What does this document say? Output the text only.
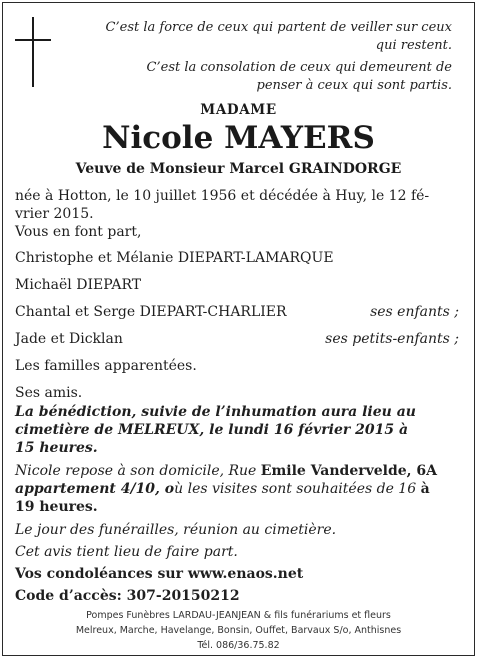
C’est la force de ceux qui partent de veiller sur ceux
qui restent.
C’est la consolation de ceux qui demeurent de
penser à ceux qui sont partis.
MADAME
Nicole MAYERS
Veuve de Monsieur Marcel GRAINDORGE
née à Hotton, le 10 juillet 1956 et décédée à Huy, le 12 fé-
vrier 2015.
Vous en font part,
Christophe et Mélanie DIEPART-LAMARQUE
Michaël DIEPART
Chantal et Serge DIEPART-CHARLIER	ses enfants ;
Jade et Dicklan	ses petits-enfants ;
Les familles apparentées.
Ses amis.
La bénédiction, suivie de l’inhumation aura lieu au
cimetière de MELREUX, le lundi 16 février 2015 à
15 heures.
Nicole repose à son domicile, Rue Emile Vandervelde, 6A
appartement 4/10, où les visites sont souhaitées de 16 à
19 heures.
Le jour des funérailles, réunion au cimetière.
Cet avis tient lieu de faire part.
Vos condoléances sur www.enaos.net
Code d’accès: 307-20150212
Pompes Funèbres LARDAU-JEANJEAN & fils funérariums et fleurs
Melreux, Marche, Havelange, Bonsin, Ouffet, Barvaux S/o, Anthisnes
Tél. 086/36.75.82
